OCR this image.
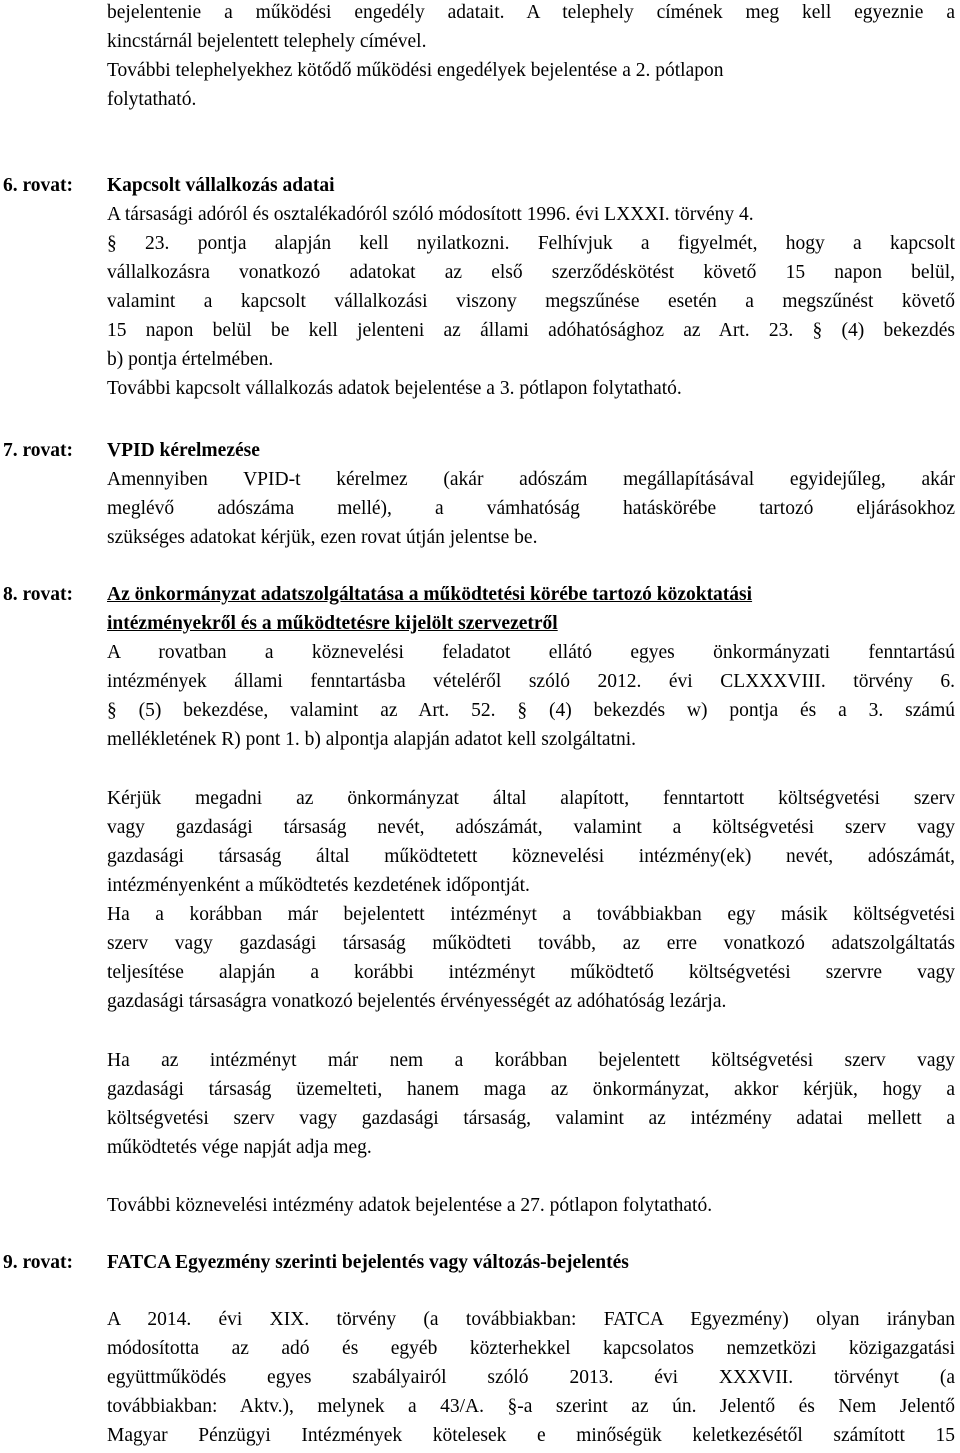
bejelentenie a működési engedély adatait. A telephely címének meg kell egyeznie a
kincstárnál bejelentett telephely címével.
További telephelyekhez kötődő működési engedélyek bejelentése a 2. pótlapon
folytatható.
6. rovat: Kapcsolt vállalkozás adatai
A társasági adóról és osztalékadóról szóló módosított 1996. évi LXXXI. törvény 4.
§ 23. pontja alapján kell nyilatkozni. Felhívjuk a figyelmét, hogy a kapcsolt
vállalkozásra vonatkozó adatokat az első szerződéskötést követő 15 napon belül,
valamint a kapcsolt vállalkozási viszony megszűnése esetén a megszűnést követő
15 napon belül be kell jelenteni az állami adóhatósághoz az Art. 23. § (4) bekezdés
b) pontja értelmében.
További kapcsolt vállalkozás adatok bejelentése a 3. pótlapon folytatható.
7. rovat: VPID kérelmezése
Amennyiben VPID-t kérelmez (akár adószám megállapításával egyidejűleg, akár
meglévő adószáma mellé), a vámhatóság hatáskörébe tartozó eljárásokhoz
szükséges adatokat kérjük, ezen rovat útján jelentse be.
8. rovat: Az önkormányzat adatszolgáltatása a működtetési körébe tartozó közoktatási
intézményekről és a működtetésre kijelölt szervezetről
A rovatban a köznevelési feladatot ellátó egyes önkormányzati fenntartású
intézmények állami fenntartásba vételéről szóló 2012. évi CLXXXVIII. törvény 6.
§ (5) bekezdése, valamint az Art. 52. § (4) bekezdés w) pontja és a 3. számú
mellékletének R) pont 1. b) alpontja alapján adatot kell szolgáltatni.
Kérjük megadni az önkormányzat által alapított, fenntartott költségvetési szerv
vagy gazdasági társaság nevét, adószámát, valamint a költségvetési szerv vagy
gazdasági társaság által működtetett köznevelési intézmény(ek) nevét, adószámát,
intézményenként a működtetés kezdetének időpontját.
Ha a korábban már bejelentett intézményt a továbbiakban egy másik költségvetési
szerv vagy gazdasági társaság működteti tovább, az erre vonatkozó adatszolgáltatás
teljesítése alapján a korábbi intézményt működtető költségvetési szervre vagy
gazdasági társaságra vonatkozó bejelentés érvényességét az adóhatóság lezárja.
Ha az intézményt már nem a korábban bejelentett költségvetési szerv vagy
gazdasági társaság üzemelteti, hanem maga az önkormányzat, akkor kérjük, hogy a
költségvetési szerv vagy gazdasági társaság, valamint az intézmény adatai mellett a
működtetés vége napját adja meg.
További köznevelési intézmény adatok bejelentése a 27. pótlapon folytatható.
9. rovat: FATCA Egyezmény szerinti bejelentés vagy változás-bejelentés
A 2014. évi XIX. törvény (a továbbiakban: FATCA Egyezmény) olyan irányban
módosította az adó és egyéb közterhekkel kapcsolatos nemzetközi közigazgatási
együttműködés egyes szabályairól szóló 2013. évi XXXVII. törvényt (a
továbbiakban: Aktv.), melynek a 43/A. §-a szerint az ún. Jelentő és Nem Jelentő
Magyar Pénzügyi Intézmények kötelesek e minőségük keletkezésétől számított 15
